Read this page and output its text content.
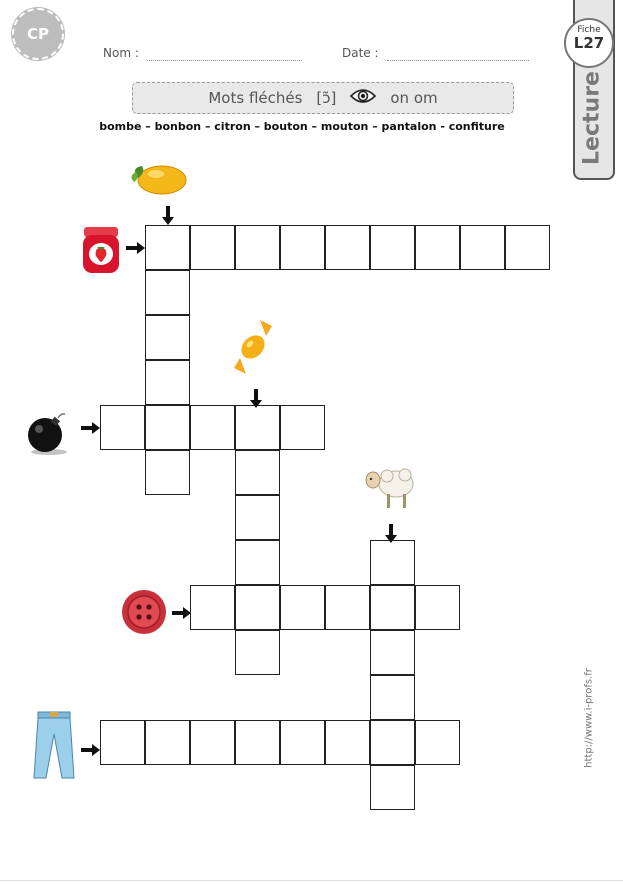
CP
Nom :	Date :
Fiche
L27
Lecture
Mots fléchés [ɔ̃]	on om
bombe – bonbon – citron – bouton – mouton – pantalon - confiture
http://www.i-profs.fr
